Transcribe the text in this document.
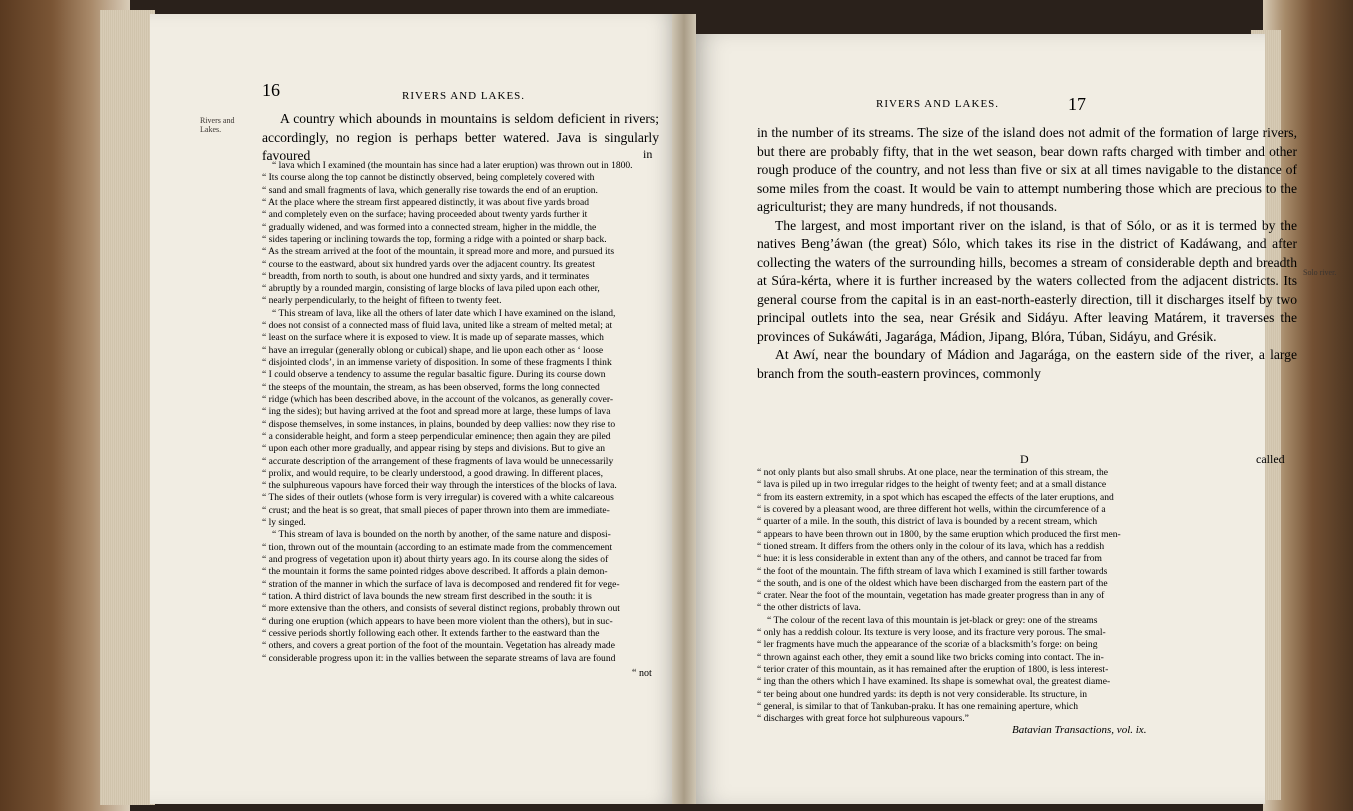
Rivers and Lakes.
16	RIVERS AND LAKES.
A country which abounds in mountains is seldom deficient in rivers; accordingly, no region is perhaps better watered. Java is singularly favoured	in
“ lava which I examined (the mountain has since had a later eruption) was thrown out in 1800.
“ Its course along the top cannot be distinctly observed, being completely covered with
“ sand and small fragments of lava, which generally rise towards the end of an eruption.
“ At the place where the stream first appeared distinctly, it was about five yards broad
“ and completely even on the surface; having proceeded about twenty yards further it
“ gradually widened, and was formed into a connected stream, higher in the middle, the
“ sides tapering or inclining towards the top, forming a ridge with a pointed or sharp back.
“ As the stream arrived at the foot of the mountain, it spread more and more, and pursued its
“ course to the eastward, about six hundred yards over the adjacent country. Its greatest
“ breadth, from north to south, is about one hundred and sixty yards, and it terminates
“ abruptly by a rounded margin, consisting of large blocks of lava piled upon each other,
“ nearly perpendicularly, to the height of fifteen to twenty feet.
“ This stream of lava, like all the others of later date which I have examined on the island,
“ does not consist of a connected mass of fluid lava, united like a stream of melted metal; at
“ least on the surface where it is exposed to view. It is made up of separate masses, which
“ have an irregular (generally oblong or cubical) shape, and lie upon each other as ‘ loose
“ disjointed clods’, in an immense variety of disposition. In some of these fragments I think
“ I could observe a tendency to assume the regular basaltic figure. During its course down
“ the steeps of the mountain, the stream, as has been observed, forms the long connected
“ ridge (which has been described above, in the account of the volcanos, as generally cover-
“ ing the sides); but having arrived at the foot and spread more at large, these lumps of lava
“ dispose themselves, in some instances, in plains, bounded by deep vallies: now they rise to
“ a considerable height, and form a steep perpendicular eminence; then again they are piled
“ upon each other more gradually, and appear rising by steps and divisions. But to give an
“ accurate description of the arrangement of these fragments of lava would be unnecessarily
“ prolix, and would require, to be clearly understood, a good drawing. In different places,
“ the sulphureous vapours have forced their way through the interstices of the blocks of lava.
“ The sides of their outlets (whose form is very irregular) is covered with a white calcareous
“ crust; and the heat is so great, that small pieces of paper thrown into them are immediate-
“ ly singed.
“ This stream of lava is bounded on the north by another, of the same nature and disposi-
“ tion, thrown out of the mountain (according to an estimate made from the commencement
“ and progress of vegetation upon it) about thirty years ago. In its course along the sides of
“ the mountain it forms the same pointed ridges above described. It affords a plain demon-
“ stration of the manner in which the surface of lava is decomposed and rendered fit for vege-
“ tation. A third district of lava bounds the new stream first described in the south: it is
“ more extensive than the others, and consists of several distinct regions, probably thrown out
“ during one eruption (which appears to have been more violent than the others), but in suc-
“ cessive periods shortly following each other. It extends farther to the eastward than the
“ others, and covers a great portion of the foot of the mountain. Vegetation has already made
“ considerable progress upon it: in the vallies between the separate streams of lava are found
“ not
RIVERS AND LAKES.	17
Solo river.

in the number of its streams. The size of the island does not admit of the formation of large rivers, but there are probably fifty, that in the wet season, bear down rafts charged with timber and other rough produce of the country, and not less than five or six at all times navigable to the distance of some miles from the coast. It would be vain to attempt numbering those which are precious to the agriculturist; they are many hundreds, if not thousands.

The largest, and most important river on the island, is that of Sólo, or as it is termed by the natives Beng’áwan (the great) Sólo, which takes its rise in the district of Kadáwang, and after collecting the waters of the surrounding hills, becomes a stream of considerable depth and breadth at Súra-kérta, where it is further increased by the waters collected from the adjacent districts. Its general course from the capital is in an east-north-easterly direction, till it discharges itself by two principal outlets into the sea, near Grésik and Sidáyu. After leaving Matárem, it traverses the provinces of Sukáwáti, Jagarága, Mádion, Jipang, Blóra, Túban, Sidáyu, and Grésik.

At Awí, near the boundary of Mádion and Jagarága, on the eastern side of the river, a large branch from the south-eastern provinces, commonly

D	called
“ not only plants but also small shrubs. At one place, near the termination of this stream, the
“ lava is piled up in two irregular ridges to the height of twenty feet; and at a small distance
“ from its eastern extremity, in a spot which has escaped the effects of the later eruptions, and
“ is covered by a pleasant wood, are three different hot wells, within the circumference of a
“ quarter of a mile. In the south, this district of lava is bounded by a recent stream, which
“ appears to have been thrown out in 1800, by the same eruption which produced the first men-
“ tioned stream. It differs from the others only in the colour of its lava, which has a reddish
“ hue: it is less considerable in extent than any of the others, and cannot be traced far from
“ the foot of the mountain. The fifth stream of lava which I examined is still farther towards
“ the south, and is one of the oldest which have been discharged from the eastern part of the
“ crater. Near the foot of the mountain, vegetation has made greater progress than in any of
“ the other districts of lava.
“ The colour of the recent lava of this mountain is jet-black or grey: one of the streams
“ only has a reddish colour. Its texture is very loose, and its fracture very porous. The smal-
“ ler fragments have much the appearance of the scoriæ of a blacksmith’s forge: on being
“ thrown against each other, they emit a sound like two bricks coming into contact. The in-
“ terior crater of this mountain, as it has remained after the eruption of 1800, is less interest-
“ ing than the others which I have examined. Its shape is somewhat oval, the greatest diame-
“ ter being about one hundred yards: its depth is not very considerable. Its structure, in
“ general, is similar to that of Tankuban-praku. It has one remaining aperture, which
“ discharges with great force hot sulphureous vapours.”
Batavian Transactions, vol. ix.
